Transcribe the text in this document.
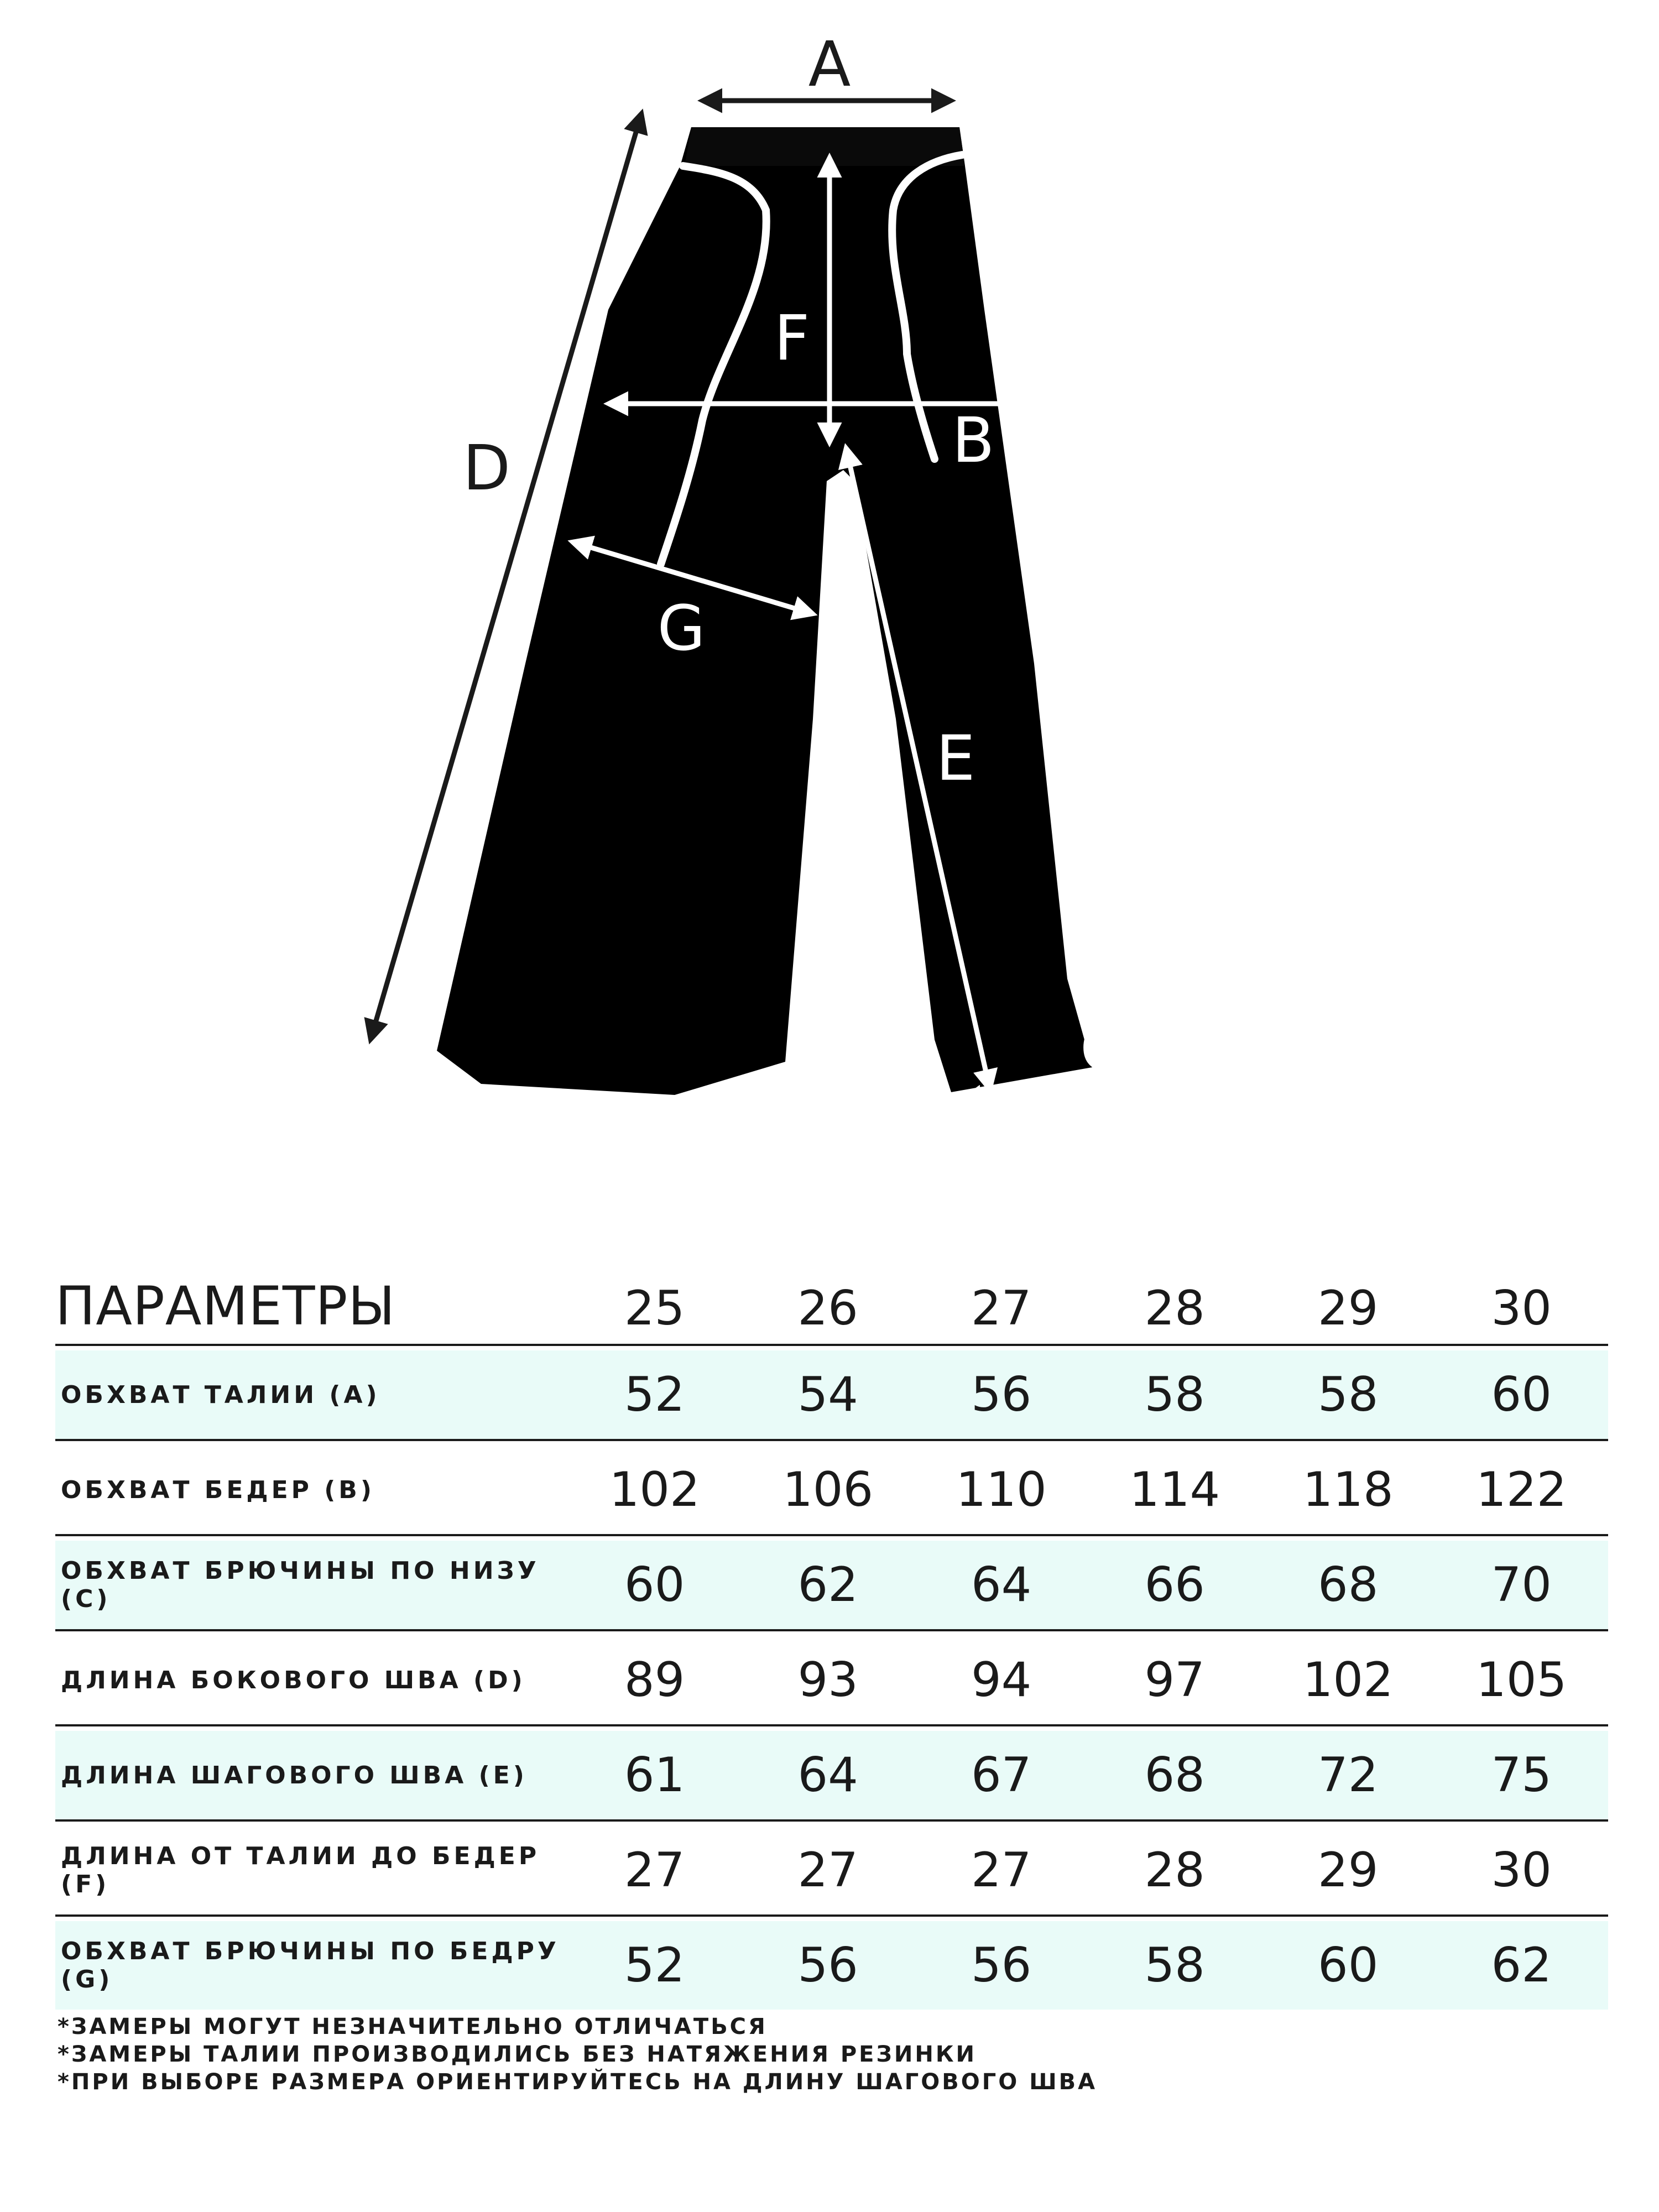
A
D
F
B
G
E
C
ПАРАМЕТРЫ	25	26	27	28	29	30
ОБХВАТ ТАЛИИ (A)	52	54	56	58	58	60
ОБХВАТ БЕДЕР (B)	102	106	110	114	118	122
ОБХВАТ БРЮЧИНЫ ПО НИЗУ (C)	60	62	64	66	68	70
ДЛИНА БОКОВОГО ШВА (D)	89	93	94	97	102	105
ДЛИНА ШАГОВОГО ШВА (E)	61	64	67	68	72	75
ДЛИНА ОТ ТАЛИИ ДО БЕДЕР (F)	27	27	27	28	29	30
ОБХВАТ БРЮЧИНЫ ПО БЕДРУ (G)	52	56	56	58	60	62
*ЗАМЕРЫ МОГУТ НЕЗНАЧИТЕЛЬНО ОТЛИЧАТЬСЯ
*ЗАМЕРЫ ТАЛИИ ПРОИЗВОДИЛИСЬ БЕЗ НАТЯЖЕНИЯ РЕЗИНКИ
*ПРИ ВЫБОРЕ РАЗМЕРА ОРИЕНТИРУЙТЕСЬ НА ДЛИНУ ШАГОВОГО ШВА
